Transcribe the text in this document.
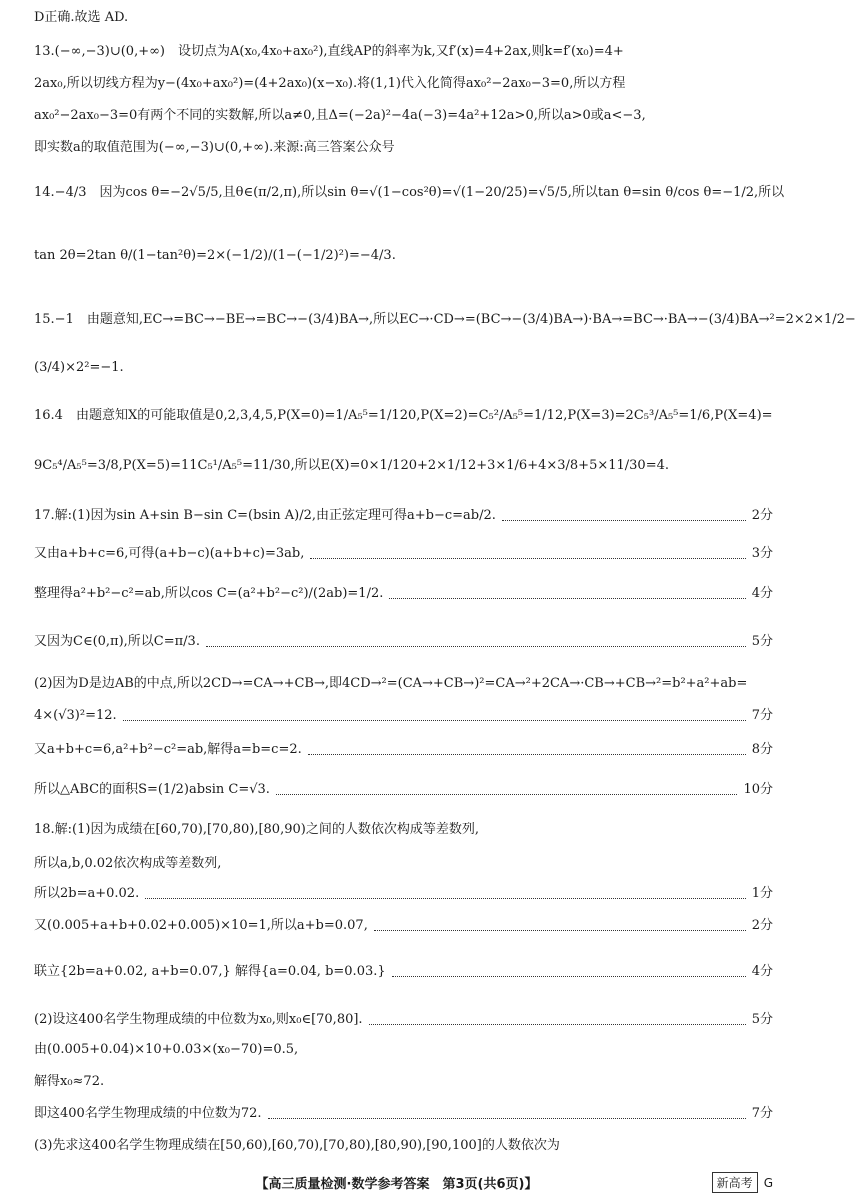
D正确.故选 AD.
13.(−∞,−3)∪(0,+∞)　设切点为A(x₀,4x₀+ax₀²),直线AP的斜率为k,又f′(x)=4+2ax,则k=f′(x₀)=4+
2ax₀,所以切线方程为y−(4x₀+ax₀²)=(4+2ax₀)(x−x₀).将(1,1)代入化简得ax₀²−2ax₀−3=0,所以方程
ax₀²−2ax₀−3=0有两个不同的实数解,所以a≠0,且Δ=(−2a)²−4a(−3)=4a²+12a>0,所以a>0或a<−3,
即实数a的取值范围为(−∞,−3)∪(0,+∞).来源:高三答案公众号
14.−4/3　因为cos θ=−2√5/5,且θ∈(π/2,π),所以sin θ=√(1−cos²θ)=√(1−20/25)=√5/5,所以tan θ=sin θ/cos θ=−1/2,所以
tan 2θ=2tan θ/(1−tan²θ)=2×(−1/2)/(1−(−1/2)²)=−4/3.
15.−1　由题意知,EC→=BC→−BE→=BC→−(3/4)BA→,所以EC→·CD→=(BC→−(3/4)BA→)·BA→=BC→·BA→−(3/4)BA→²=2×2×1/2−
(3/4)×2²=−1.
16.4　由题意知X的可能取值是0,2,3,4,5,P(X=0)=1/A₅⁵=1/120,P(X=2)=C₅²/A₅⁵=1/12,P(X=3)=2C₅³/A₅⁵=1/6,P(X=4)=
9C₅⁴/A₅⁵=3/8,P(X=5)=11C₅¹/A₅⁵=11/30,所以E(X)=0×1/120+2×1/12+3×1/6+4×3/8+5×11/30=4.
17.解:(1)因为sin A+sin B−sin C=(bsin A)/2,由正弦定理可得a+b−c=ab/2.	2分
又由a+b+c=6,可得(a+b−c)(a+b+c)=3ab,	3分
整理得a²+b²−c²=ab,所以cos C=(a²+b²−c²)/(2ab)=1/2.	4分
又因为C∈(0,π),所以C=π/3.	5分
(2)因为D是边AB的中点,所以2CD→=CA→+CB→,即4CD→²=(CA→+CB→)²=CA→²+2CA→·CB→+CB→²=b²+a²+ab=
4×(√3)²=12.	7分
又a+b+c=6,a²+b²−c²=ab,解得a=b=c=2.	8分
所以△ABC的面积S=(1/2)absin C=√3.	10分
18.解:(1)因为成绩在[60,70),[70,80),[80,90)之间的人数依次构成等差数列,
所以a,b,0.02依次构成等差数列,
所以2b=a+0.02.	1分
又(0.005+a+b+0.02+0.005)×10=1,所以a+b=0.07,	2分
联立{2b=a+0.02, a+b=0.07,} 解得{a=0.04, b=0.03.}	4分
(2)设这400名学生物理成绩的中位数为x₀,则x₀∈[70,80].	5分
由(0.005+0.04)×10+0.03×(x₀−70)=0.5,
解得x₀≈72.
即这400名学生物理成绩的中位数为72.	7分
(3)先求这400名学生物理成绩在[50,60),[60,70),[70,80),[80,90),[90,100]的人数依次为
【高三质量检测·数学参考答案　第3页(共6页)】	新高考 G
